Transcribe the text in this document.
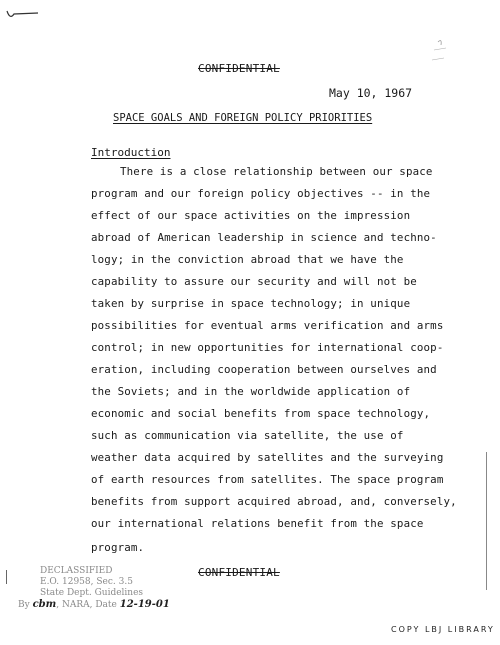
CONFIDENTIAL
May 10, 1967
SPACE GOALS AND FOREIGN POLICY PRIORITIES
Introduction
There is a close relationship between our space
program and our foreign policy objectives -- in the
effect of our space activities on the impression
abroad of American leadership in science and techno-
logy; in the conviction abroad that we have the
capability to assure our security and will not be
taken by surprise in space technology; in unique
possibilities for eventual arms verification and arms
control; in new opportunities for international coop-
eration, including cooperation between ourselves and
the Soviets; and in the worldwide application of
economic and social benefits from space technology,
such as communication via satellite, the use of
weather data acquired by satellites and the surveying
of earth resources from satellites. The space program
benefits from support acquired abroad, and, conversely,
our international relations benefit from the space
program.
CONFIDENTIAL
DECLASSIFIED
E.O. 12958, Sec. 3.5
State Dept. Guidelines
By cbm, NARA, Date 12-19-01
COPY LBJ LIBRARY
